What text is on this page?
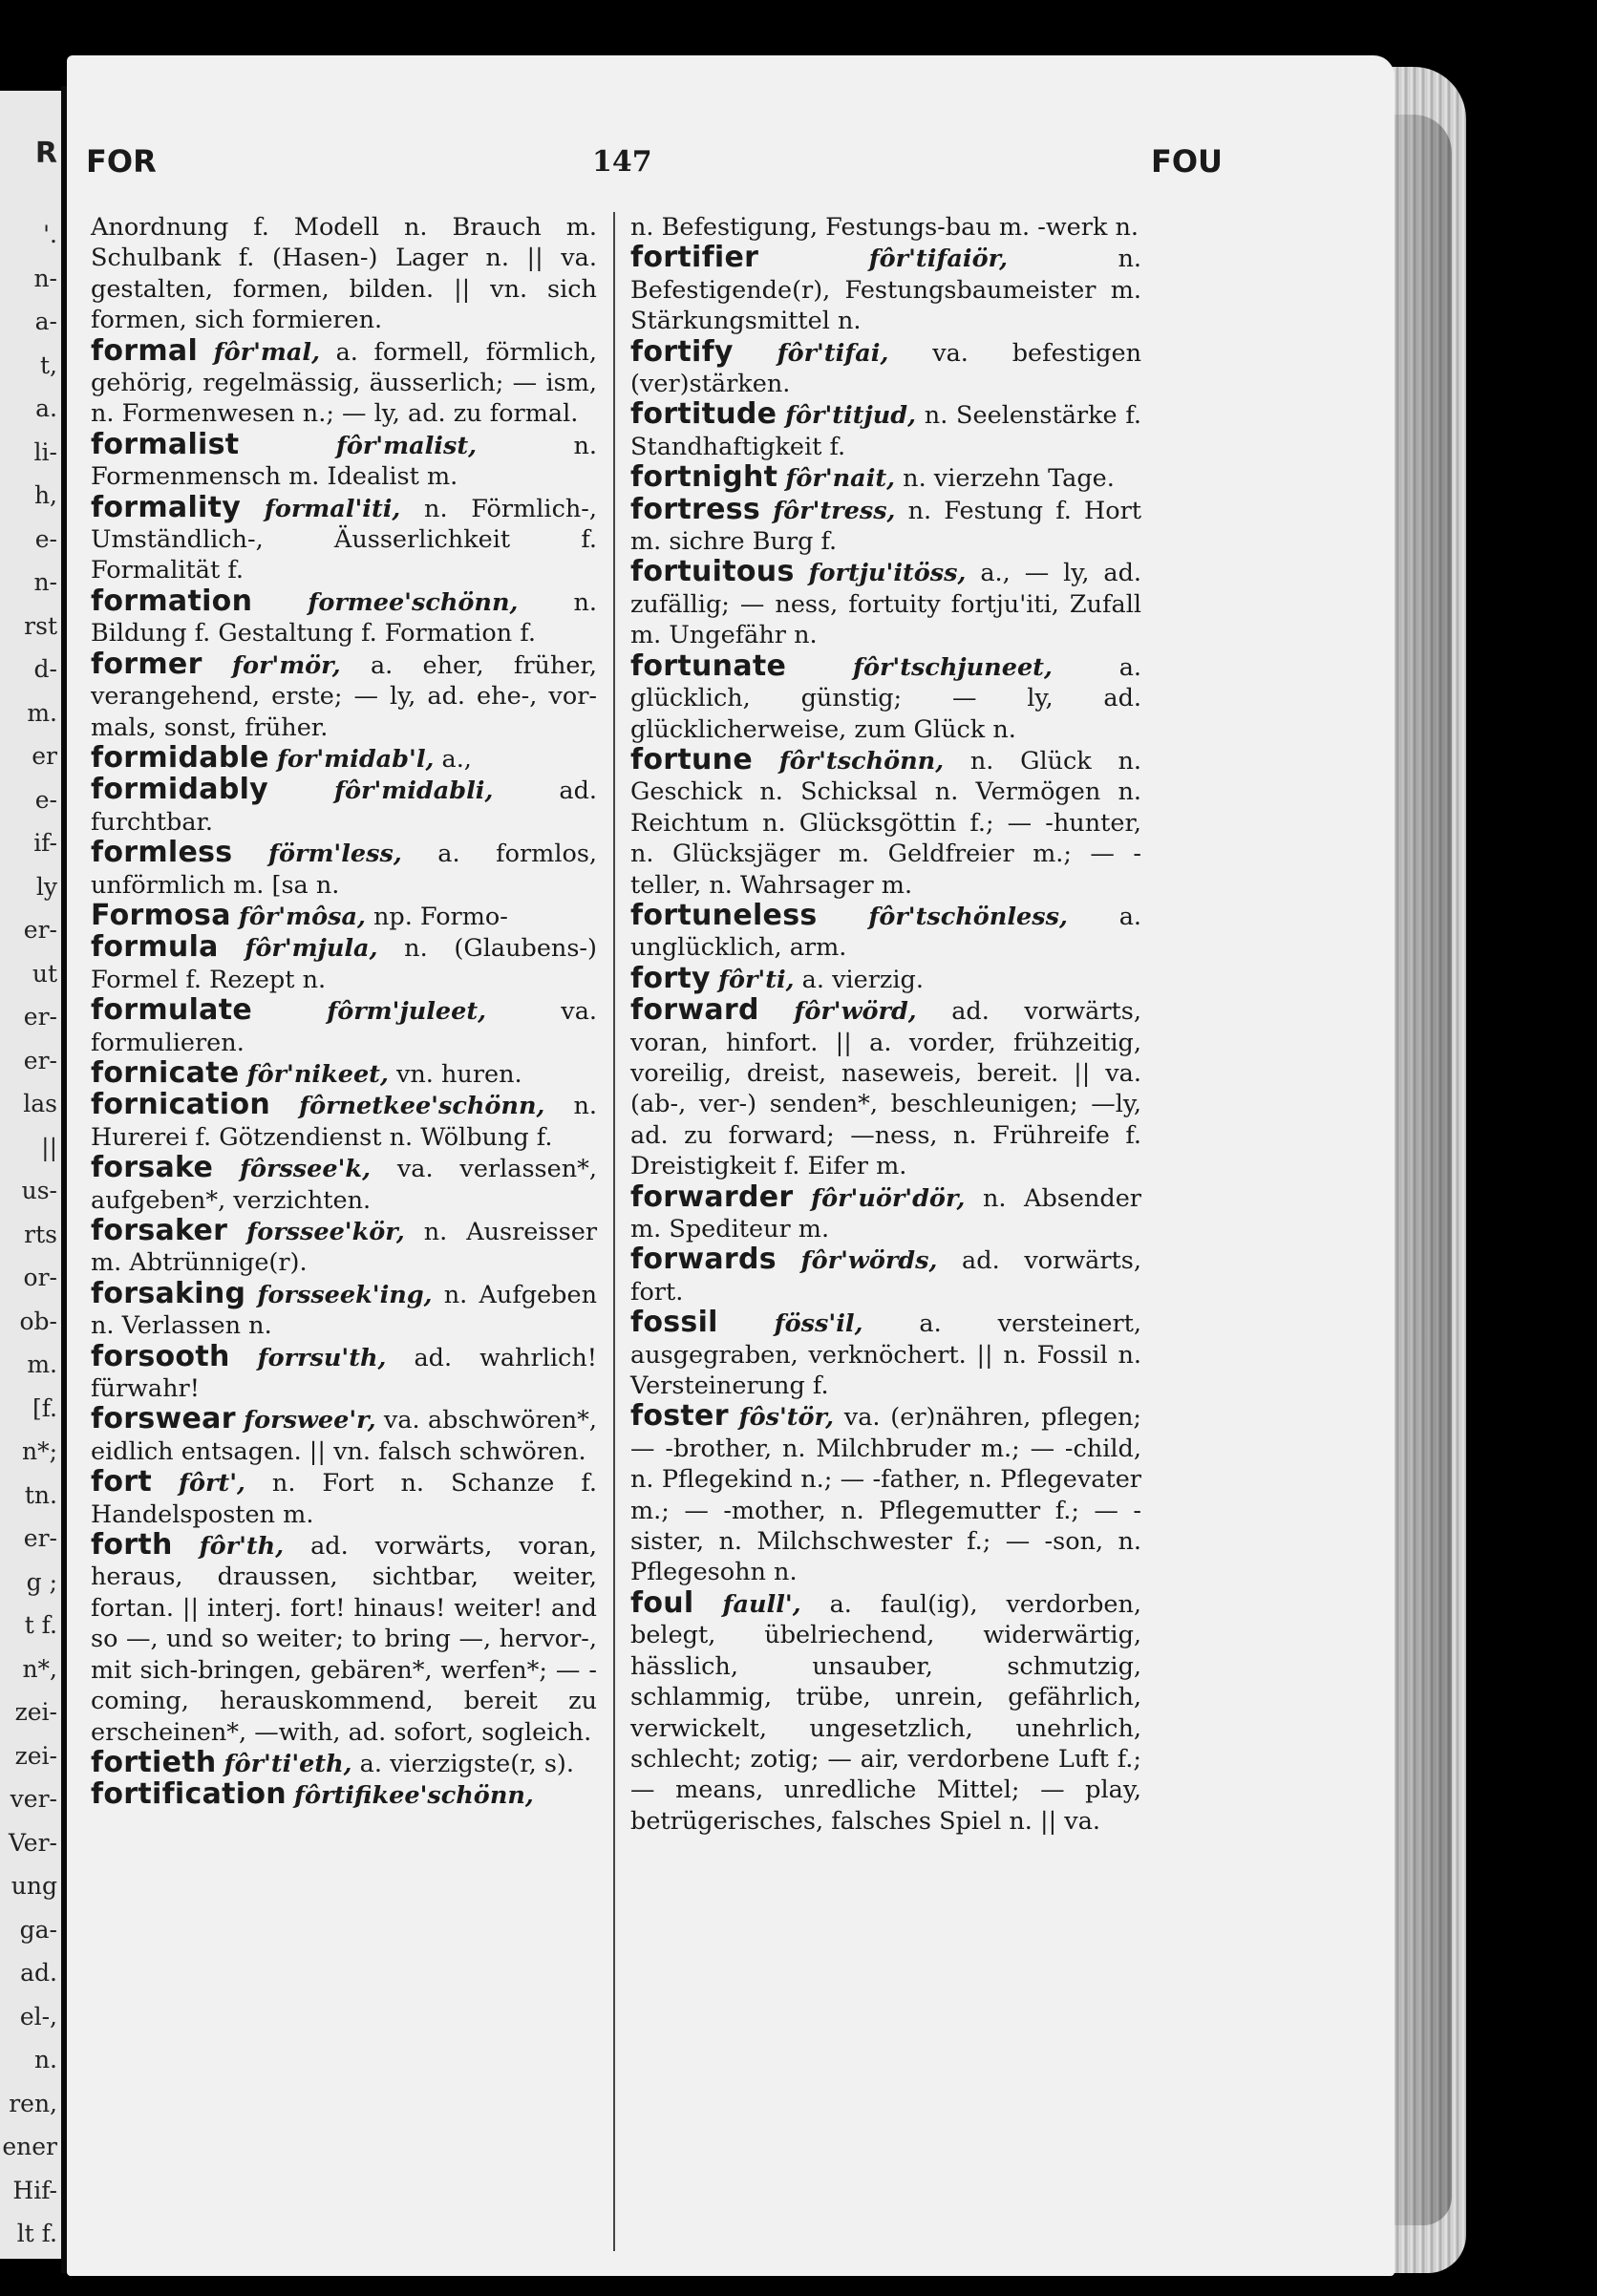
R
'.
n-
a-
t,
a.
li-
h,
e-
n-
rst
d-
m.
er
e-
if-
ly
er-
ut
er-
er-
las
||
us-
rts
or-
ob-
m.
[f.
n*;
tn.
er-
g ;
t f.
n*,
zei-
zei-
ver-
Ver-
ung
ga-
ad.
el-,
n.
ren,
ener
Hif-
lt f.
FOR	147	FOU
Anordnung f. Modell n. Brauch m. Schulbank f. (Hasen-) Lager n. || va. gestalten, formen, bilden. || vn. sich formen, sich formieren.
formal fôr'mal, a. formell, förmlich, gehörig, regelmässig, äusserlich; — ism, n. Formenwesen n.; — ly, ad. zu formal.
formalist	fôr'malist,	n. Formenmensch m. Idealist m.
formality formal'iti, n. Förmlich-, Umständlich-, Äusserlichkeit f. Formalität f.
formation formee'schönn, n. Bildung f. Gestaltung f. Formation f.
former for'mör, a. eher, früher, verangehend, erste; — ly, ad. ehe-, vor-mals, sonst, früher.
formidable for'midab'l, a.,
formidably	fôr'midabli,	ad. furchtbar.
formless förm'less, a. formlos, unförmlich m. [sa n.
Formosa fôr'môsa, np. Formo-
formula fôr'mjula, n. (Glaubens-) Formel f. Rezept n.
formulate	fôrm'juleet,	va. formulieren.
fornicate fôr'nikeet, vn. huren.
fornication fôrnetkee'schönn, n. Hurerei f. Götzendienst n. Wölbung f.
forsake fôrssee'k, va. verlassen*, aufgeben*, verzichten.
forsaker forssee'kör, n. Ausreisser m. Abtrünnige(r).
forsaking forsseek'ing, n. Aufgeben n. Verlassen n.
forsooth forrsu'th, ad. wahrlich! fürwahr!
forswear forswee'r, va. abschwören*, eidlich entsagen. || vn. falsch schwören.
fort fôrt', n. Fort n. Schanze f. Handelsposten m.
forth fôr'th, ad. vorwärts, voran, heraus, draussen, sichtbar, weiter, fortan. || interj. fort! hinaus! weiter! and so —, und so weiter; to bring —, hervor-, mit sich-bringen, gebären*, werfen*; — -coming, herauskommend, bereit zu erscheinen*, —with, ad. sofort, sogleich.
fortieth fôr'ti'eth, a. vierzigste(r, s).
fortification fôrtifikee'schönn,
n. Befestigung, Festungs-bau m. -werk n.
fortifier	fôr'tifaiör,	n. Befestigende(r), Festungsbaumeister m. Stärkungsmittel n.
fortify fôr'tifai, va. befestigen (ver)stärken.
fortitude fôr'titjud, n. Seelenstärke f. Standhaftigkeit f.
fortnight fôr'nait, n. vierzehn Tage.
fortress fôr'tress, n. Festung f. Hort m. sichre Burg f.
fortuitous fortju'itöss, a., — ly, ad. zufällig; — ness, fortuity fortju'iti, Zufall m. Ungefähr n.
fortunate	fôr'tschjuneet,	a. glücklich, günstig; — ly, ad. glücklicherweise, zum Glück n.
fortune fôr'tschönn, n. Glück n. Geschick n. Schicksal n. Vermögen n. Reichtum n. Glücksgöttin f.; — -hunter, n. Glücksjäger m. Geldfreier m.; — -teller, n. Wahrsager m.
fortuneless fôr'tschönless, a. unglücklich, arm.
forty fôr'ti, a. vierzig.
forward fôr'wörd, ad. vorwärts, voran, hinfort. || a. vorder, frühzeitig, voreilig, dreist, naseweis, bereit. || va. (ab-, ver-) senden*, beschleunigen; —ly, ad. zu forward; —ness, n. Frühreife f. Dreistigkeit f. Eifer m.
forwarder fôr'uör'dör, n. Absender m. Spediteur m.
forwards fôr'wörds, ad. vorwärts, fort.
fossil föss'il, a. versteinert, ausgegraben, verknöchert. || n. Fossil n. Versteinerung f.
foster fôs'tör, va. (er)nähren, pflegen; — -brother, n. Milchbruder m.; — -child, n. Pflegekind n.; — -father, n. Pflegevater m.; — -mother, n. Pflegemutter f.; — -sister, n. Milchschwester f.; — -son, n. Pflegesohn n.
foul faull', a. faul(ig), verdorben, belegt, übelriechend, widerwärtig, hässlich, unsauber, schmutzig, schlammig, trübe, unrein, gefährlich, verwickelt, ungesetzlich, unehrlich, schlecht; zotig; — air, verdorbene Luft f.; — means, unredliche Mittel; — play, betrügerisches, falsches Spiel n. || va.
